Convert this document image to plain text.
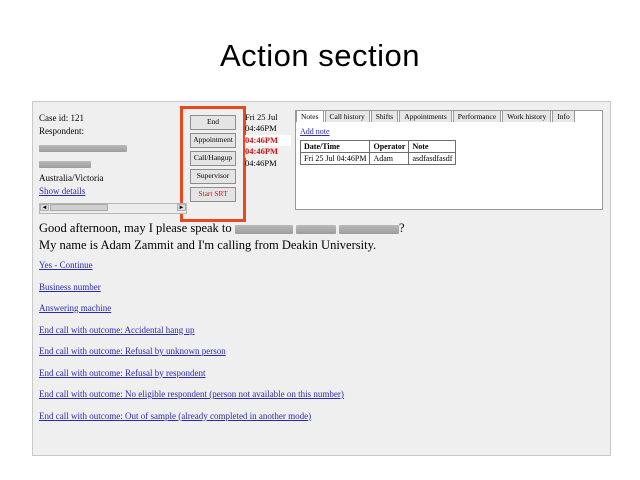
Action section
Case id: 121
Respondent:
Australia/Victoria
Show details
End
Appointment
Call/Hangup
Supervisor
Start SRT
Fri 25 Jul
04:46PM
04:46PM
04:46PM
04:46PM
◄	►
Notes	Call history	Shifts	Appointments	Performance	Work history	Info
Add note
Date/Time	Operator	Note
Fri 25 Jul 04:46PM	Adam	asdfasdfasdf
Good afternoon, may I please speak to	?
My name is Adam Zammit and I'm calling from Deakin University.
Yes - Continue
Business number
Answering machine
End call with outcome: Accidental hang up
End call with outcome: Refusal by unknown person
End call with outcome: Refusal by respondent
End call with outcome: No eligible respondent (person not available on this number)
End call with outcome: Out of sample (already completed in another mode)
